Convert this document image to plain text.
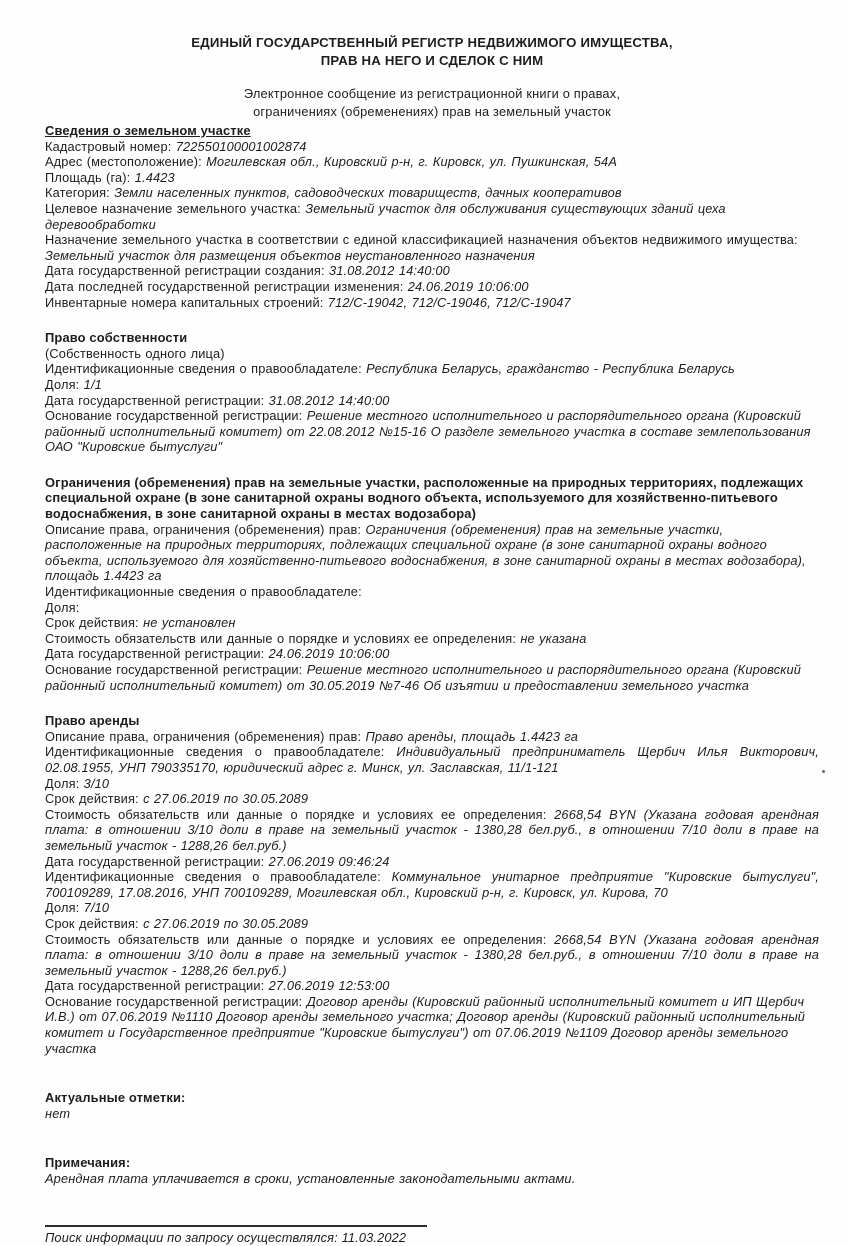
ЕДИНЫЙ ГОСУДАРСТВЕННЫЙ РЕГИСТР НЕДВИЖИМОГО ИМУЩЕСТВА,
ПРАВ НА НЕГО И СДЕЛОК С НИМ
Электронное сообщение из регистрационной книги о правах,
ограничениях (обременениях) прав на земельный участок
Сведения о земельном участке

Кадастровый номер: 722550100001002874

Адрес (местоположение): Могилевская обл., Кировский р-н, г. Кировск, ул. Пушкинская, 54А

Площадь (га): 1.4423

Категория: Земли населенных пунктов, садоводческих товариществ, дачных кооперативов

Целевое назначение земельного участка: Земельный участок для обслуживания существующих зданий цеха деревообработки

Назначение земельного участка в соответствии с единой классификацией назначения объектов недвижимого имущества: Земельный участок для размещения объектов неустановленного назначения

Дата государственной регистрации создания: 31.08.2012 14:40:00

Дата последней государственной регистрации изменения: 24.06.2019 10:06:00

Инвентарные номера капитальных строений: 712/С-19042, 712/С-19046, 712/С-19047

Право собственности

(Собственность одного лица)

Идентификационные сведения о правообладателе: Республика Беларусь, гражданство - Республика Беларусь

Доля: 1/1

Дата государственной регистрации: 31.08.2012 14:40:00

Основание государственной регистрации: Решение местного исполнительного и распорядительного органа (Кировский районный исполнительный комитет) от 22.08.2012 №15-16 О разделе земельного участка в составе землепользования ОАО "Кировские бытуслуги"

Ограничения (обременения) прав на земельные участки, расположенные на природных территориях, подлежащих специальной охране (в зоне санитарной охраны водного объекта, используемого для хозяйственно-питьевого водоснабжения, в зоне санитарной охраны в местах водозабора)

Описание права, ограничения (обременения) прав: Ограничения (обременения) прав на земельные участки, расположенные на природных территориях, подлежащих специальной охране (в зоне санитарной охраны водного объекта, используемого для хозяйственно-питьевого водоснабжения, в зоне санитарной охраны в местах водозабора), площадь 1.4423 га

Идентификационные сведения о правообладателе:

Доля:

Срок действия: не установлен

Стоимость обязательств или данные о порядке и условиях ее определения: не указана

Дата государственной регистрации: 24.06.2019 10:06:00

Основание государственной регистрации: Решение местного исполнительного и распорядительного органа (Кировский районный исполнительный комитет) от 30.05.2019 №7-46 Об изъятии и предоставлении земельного участка

Право аренды

Описание права, ограничения (обременения) прав: Право аренды, площадь 1.4423 га

Идентификационные сведения о правообладателе: Индивидуальный предприниматель Щербич Илья Викторович, 02.08.1955, УНП 790335170, юридический адрес г. Минск, ул. Заславская, 11/1-121

Доля: 3/10

Срок действия: с 27.06.2019 по 30.05.2089

Стоимость обязательств или данные о порядке и условиях ее определения: 2668,54 BYN (Указана годовая арендная плата: в отношении 3/10 доли в праве на земельный участок - 1380,28 бел.руб., в отношении 7/10 доли в праве на земельный участок - 1288,26 бел.руб.)

Дата государственной регистрации: 27.06.2019 09:46:24

Идентификационные сведения о правообладателе: Коммунальное унитарное предприятие "Кировские бытуслуги", 700109289, 17.08.2016, УНП 700109289, Могилевская обл., Кировский р-н, г. Кировск, ул. Кирова, 70

Доля: 7/10

Срок действия: с 27.06.2019 по 30.05.2089

Стоимость обязательств или данные о порядке и условиях ее определения: 2668,54 BYN (Указана годовая арендная плата: в отношении 3/10 доли в праве на земельный участок - 1380,28 бел.руб., в отношении 7/10 доли в праве на земельный участок - 1288,26 бел.руб.)

Дата государственной регистрации: 27.06.2019 12:53:00

Основание государственной регистрации: Договор аренды (Кировский районный исполнительный комитет и ИП Щербич И.В.) от 07.06.2019 №1110 Договор аренды земельного участка; Договор аренды (Кировский районный исполнительный комитет и Государственное предприятие "Кировские бытуслуги") от 07.06.2019 №1109 Договор аренды земельного участка

Актуальные отметки:

нет

Примечания:

Арендная плата уплачивается в сроки, установленные законодательными актами.

Поиск информации по запросу осуществлялся: 11.03.2022
